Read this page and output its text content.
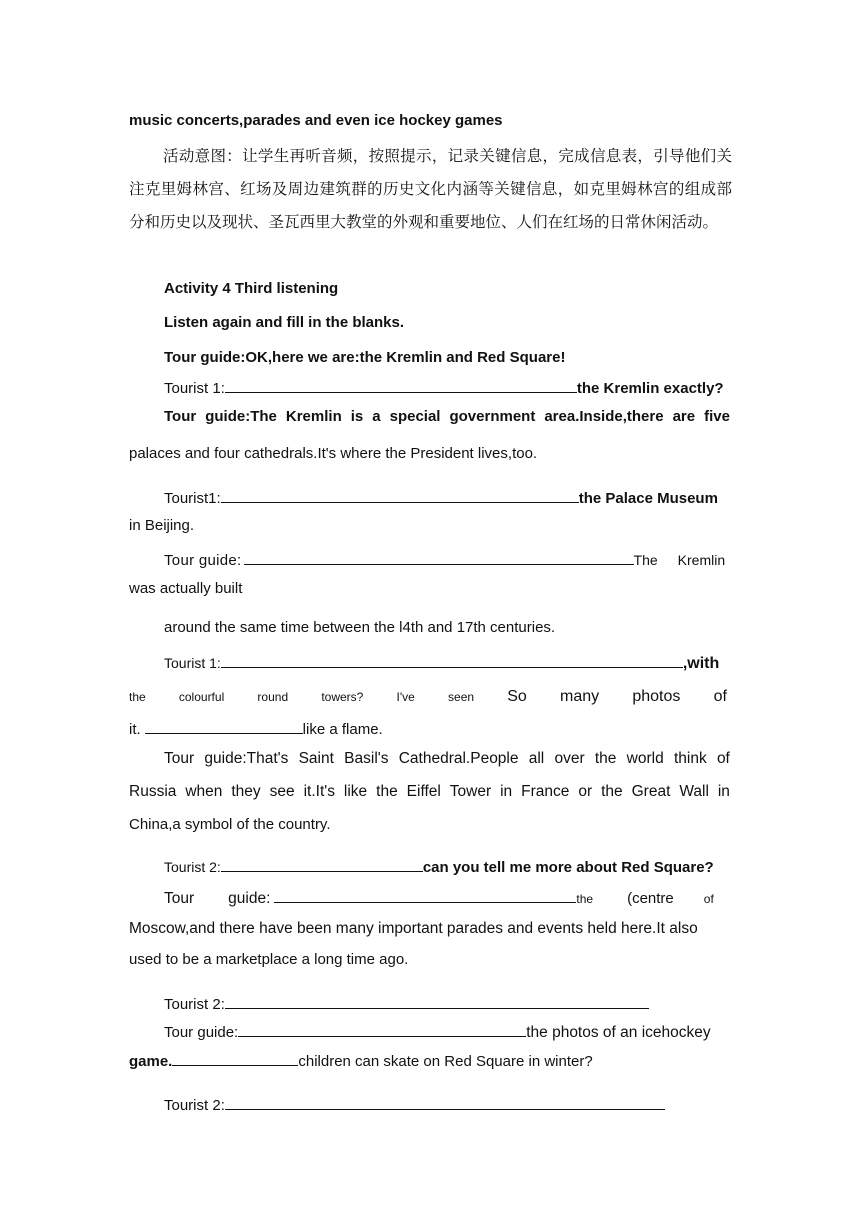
music concerts,parades and even ice hockey games
活动意图：让学生再听音频，按照提示，记录关键信息，完成信息表，引导他们关注克里姆林宫、红场及周边建筑群的历史文化内涵等关键信息，如克里姆林宫的组成部分和历史以及现状、圣瓦西里大教堂的外观和重要地位、人们在红场的日常休闲活动。
Activity 4 Third listening
Listen again and fill in the blanks.
Tour guide:OK,here we are:the Kremlin and Red Square!
Tourist 1:	the Kremlin exactly?
Tour guide:The Kremlin is a special government area.Inside,there are five
palaces and four cathedrals.It's where the President lives,too.
Tourist1:	the Palace Museum
in Beijing.
Tour guide:	The Kremlin
was actually built
around the same time between the l4th and 17th centuries.
Tourist 1:	,with
the	colourful	round	towers?	I've	seen So many photos of
it.	like a flame.
Tour guide:That's Saint Basil's Cathedral.People all over the world think of
Russia when they see it.It's like the Eiffel Tower in France or the Great Wall in
China,a symbol of the country.
Tourist 2:	can you tell me more about Red Square?
Tour guide:	the (centre	of
Moscow,and there have been many important parades and events held here.It also
used to be a marketplace a long time ago.
Tourist 2:
Tour guide:	the photos of an icehockey
game.	children can skate on Red Square in winter?
Tourist 2:
